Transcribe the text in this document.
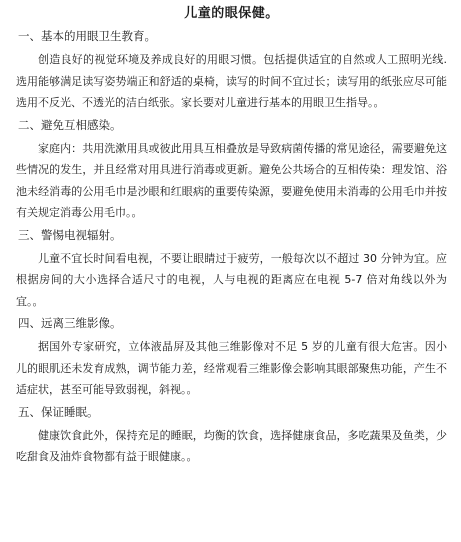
儿童的眼保健。
一、基本的用眼卫生教育。

创造良好的视觉环境及养成良好的用眼习惯。包括提供适宜的自然或人工照明光线.选用能够满足读写姿势端正和舒适的桌椅，读写的时间不宜过长；读写用的纸张应尽可能选用不反光、不透光的洁白纸张。家长要对儿童进行基本的用眼卫生指导。。

二、避免互相感染。

家庭内：共用洗漱用具或彼此用具互相叠放是导致病菌传播的常见途径，需要避免这些情况的发生，并且经常对用具进行消毒或更新。避免公共场合的互相传染：理发馆、浴池未经消毒的公用毛巾是沙眼和红眼病的重要传染源，要避免使用未消毒的公用毛巾并按有关规定消毒公用毛巾。。

三、警惕电视辐射。

儿童不宜长时间看电视，不要让眼睛过于疲劳，一般每次以不超过 30 分钟为宜。应根据房间的大小选择合适尺寸的电视，人与电视的距离应在电视 5-7 倍对角线以外为宜。。

四、远离三维影像。

据国外专家研究，立体液晶屏及其他三维影像对不足 5 岁的儿童有很大危害。因小儿的眼肌还未发育成熟，调节能力差，经常观看三维影像会影响其眼部聚焦功能，产生不适症状，甚至可能导致弱视，斜视。。

五、保证睡眠。

健康饮食此外，保持充足的睡眠，均衡的饮食，选择健康食品，多吃蔬果及鱼类，少吃甜食及油炸食物都有益于眼健康。。
